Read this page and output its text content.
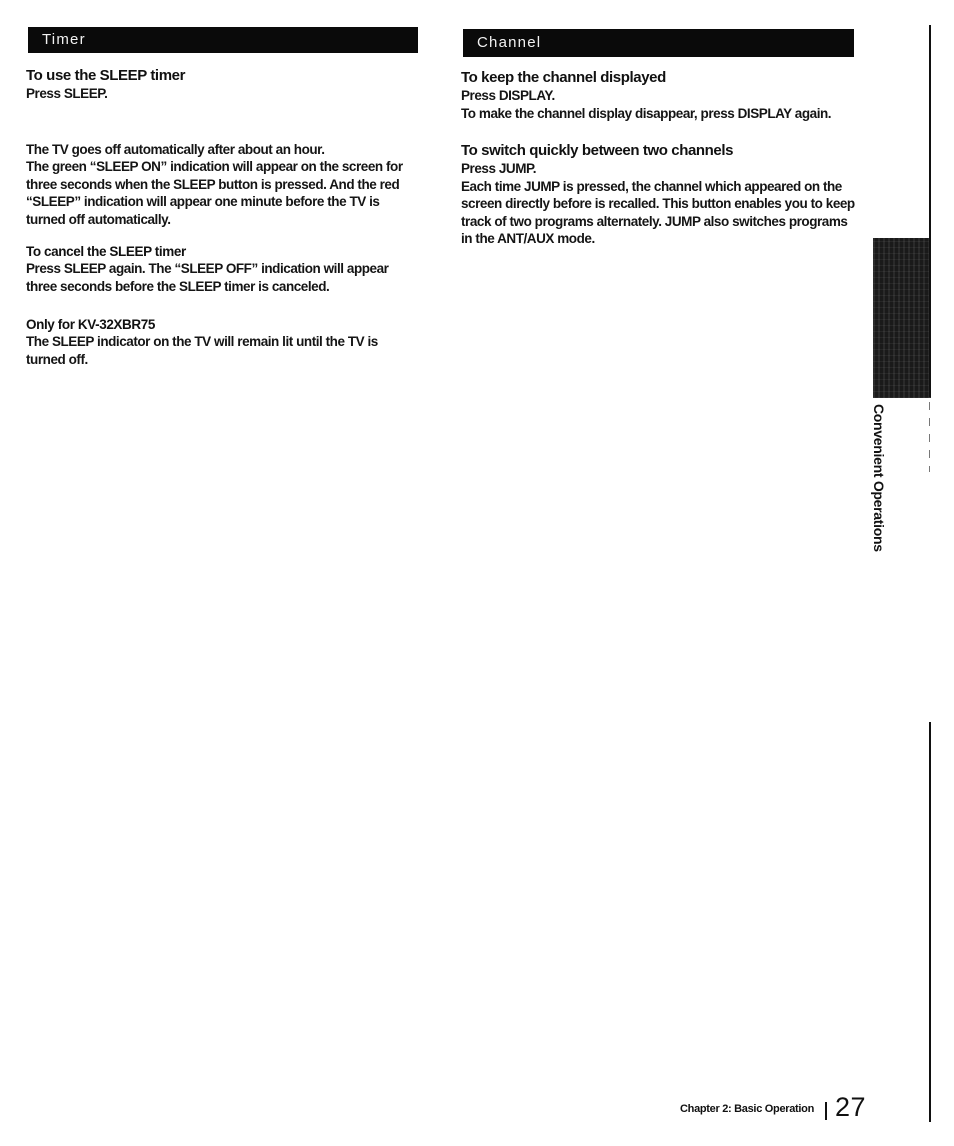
Timer	Channel
To use the SLEEP timer

Press SLEEP.

The TV goes off automatically after about an hour.

The green “SLEEP ON” indication will appear on the screen for three seconds when the SLEEP button is pressed. And the red “SLEEP” indication will appear one minute before the TV is turned off automatically.

To cancel the SLEEP timer

Press SLEEP again. The “SLEEP OFF” indication will appear three seconds before the SLEEP timer is canceled.

Only for KV-32XBR75

The SLEEP indicator on the TV will remain lit until the TV is turned off.

To keep the channel displayed

Press DISPLAY.

To make the channel display disappear, press DISPLAY again.

To switch quickly between two channels

Press JUMP.

Each time JUMP is pressed, the channel which appeared on the screen directly before is recalled. This button enables you to keep track of two programs alternately. JUMP also switches programs in the ANT/AUX mode.

Convenient Operations
Chapter 2: Basic Operation 27
